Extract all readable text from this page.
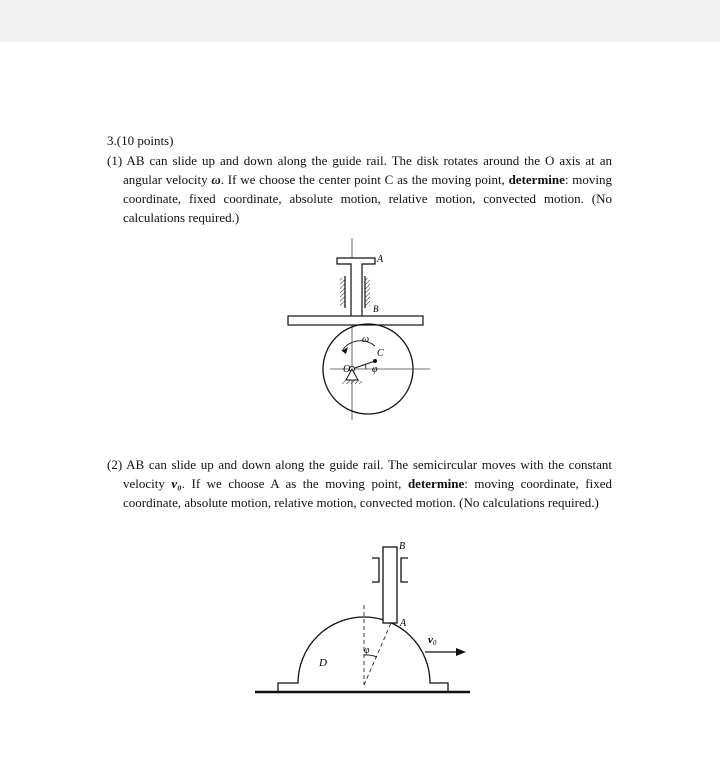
3.(10 points)
(1) AB can slide up and down along the guide rail. The disk rotates around the O axis at an angular velocity ω. If we choose the center point C as the moving point, determine: moving coordinate, fixed coordinate, absolute motion, relative motion, convected motion. (No calculations required.)
A
B
ω
C
φ
O
(2) AB can slide up and down along the guide rail. The semicircular moves with the constant velocity v₀. If we choose A as the moving point, determine: moving coordinate, fixed coordinate, absolute motion, relative motion, convected motion. (No calculations required.)
B
A
D
φ
v0
